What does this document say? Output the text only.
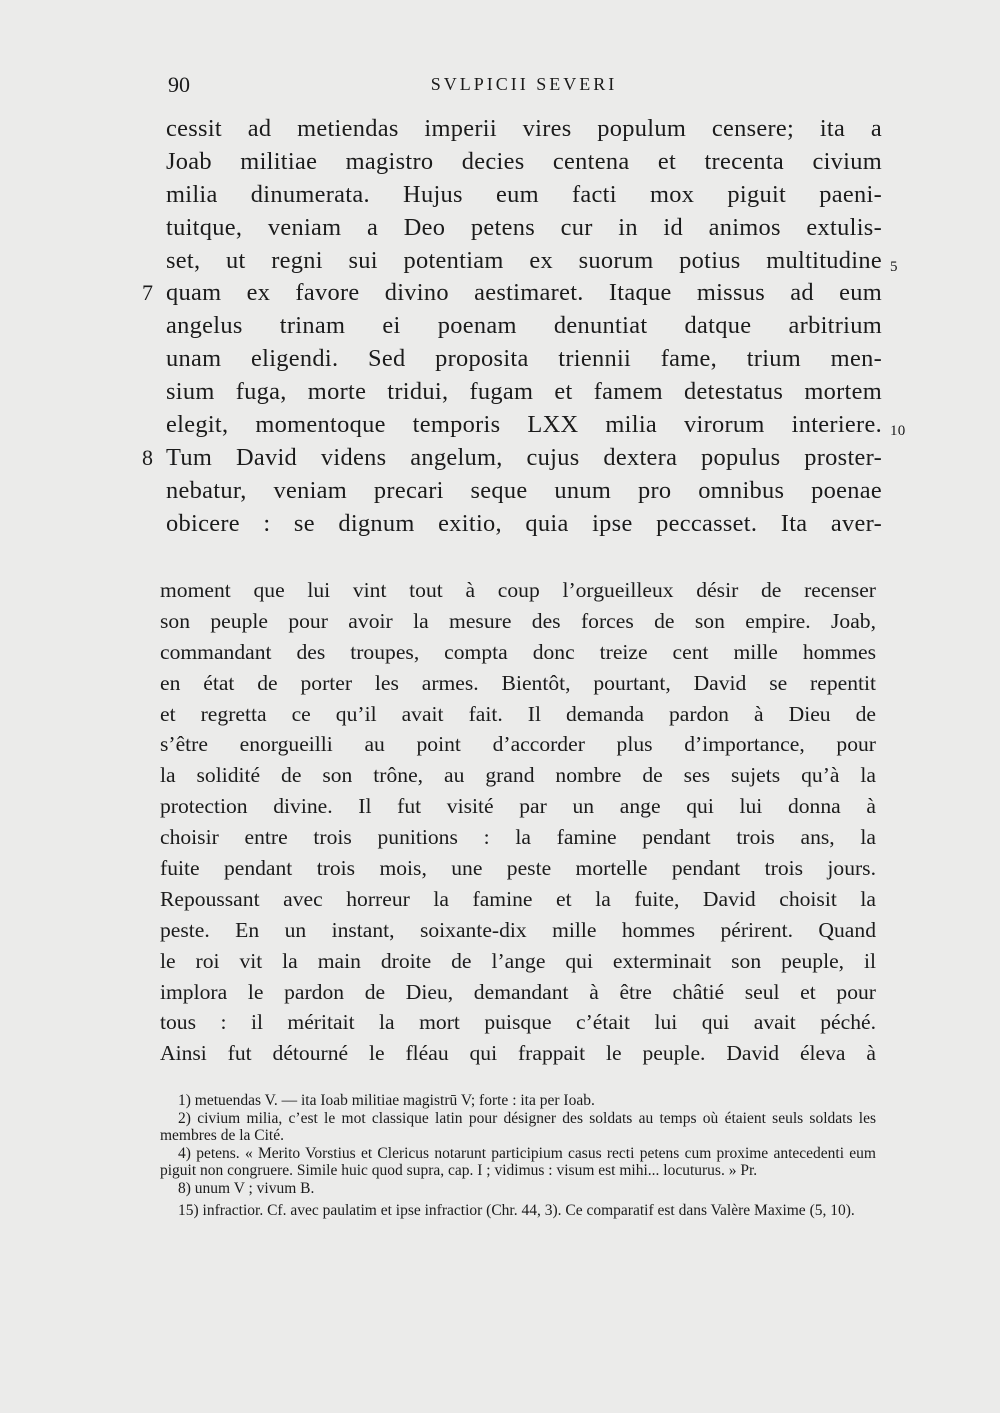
90	SVLPICII SEVERI
cessit ad metiendas imperii vires populum censere; ita a
Joab militiae magistro decies centena et trecenta civium
milia dinumerata. Hujus eum facti mox piguit paeni-
tuitque, veniam a Deo petens cur in id animos extulis-
set, ut regni sui potentiam ex suorum potius multitudine 5
7 quam ex favore divino aestimaret. Itaque missus ad eum
angelus trinam ei poenam denuntiat datque arbitrium
unam eligendi. Sed proposita triennii fame, trium men-
sium fuga, morte tridui, fugam et famem detestatus mortem
elegit, momentoque temporis LXX milia virorum interiere. 10
8 Tum David videns angelum, cujus dextera populus proster-
nebatur, veniam precari seque unum pro omnibus poenae
obicere : se dignum exitio, quia ipse peccasset. Ita aver-
moment que lui vint tout à coup l’orgueilleux désir de recenser
son peuple pour avoir la mesure des forces de son empire. Joab,
commandant des troupes, compta donc treize cent mille hommes
en état de porter les armes. Bientôt, pourtant, David se repentit
et regretta ce qu’il avait fait. Il demanda pardon à Dieu de
s’être enorgueilli au point d’accorder plus d’importance, pour
la solidité de son trône, au grand nombre de ses sujets qu’à la
protection divine. Il fut visité par un ange qui lui donna à
choisir entre trois punitions : la famine pendant trois ans, la
fuite pendant trois mois, une peste mortelle pendant trois jours.
Repoussant avec horreur la famine et la fuite, David choisit la
peste. En un instant, soixante-dix mille hommes périrent. Quand
le roi vit la main droite de l’ange qui exterminait son peuple, il
implora le pardon de Dieu, demandant à être châtié seul et pour
tous : il méritait la mort puisque c’était lui qui avait péché.
Ainsi fut détourné le fléau qui frappait le peuple. David éleva à
1) metuendas V. — ita Ioab militiae magistrū V; forte : ita per Ioab.
2) civium milia, c’est le mot classique latin pour désigner des soldats au temps où étaient seuls soldats les membres de la Cité.
4) petens. « Merito Vorstius et Clericus notarunt participium casus recti petens cum proxime antecedenti eum piguit non congruere. Simile huic quod supra, cap. I ; vidimus : visum est mihi... locuturus. » Pr.
8) unum V ; vivum B.
15) infractior. Cf. avec paulatim et ipse infractior (Chr. 44, 3). Ce comparatif est dans Valère Maxime (5, 10).
